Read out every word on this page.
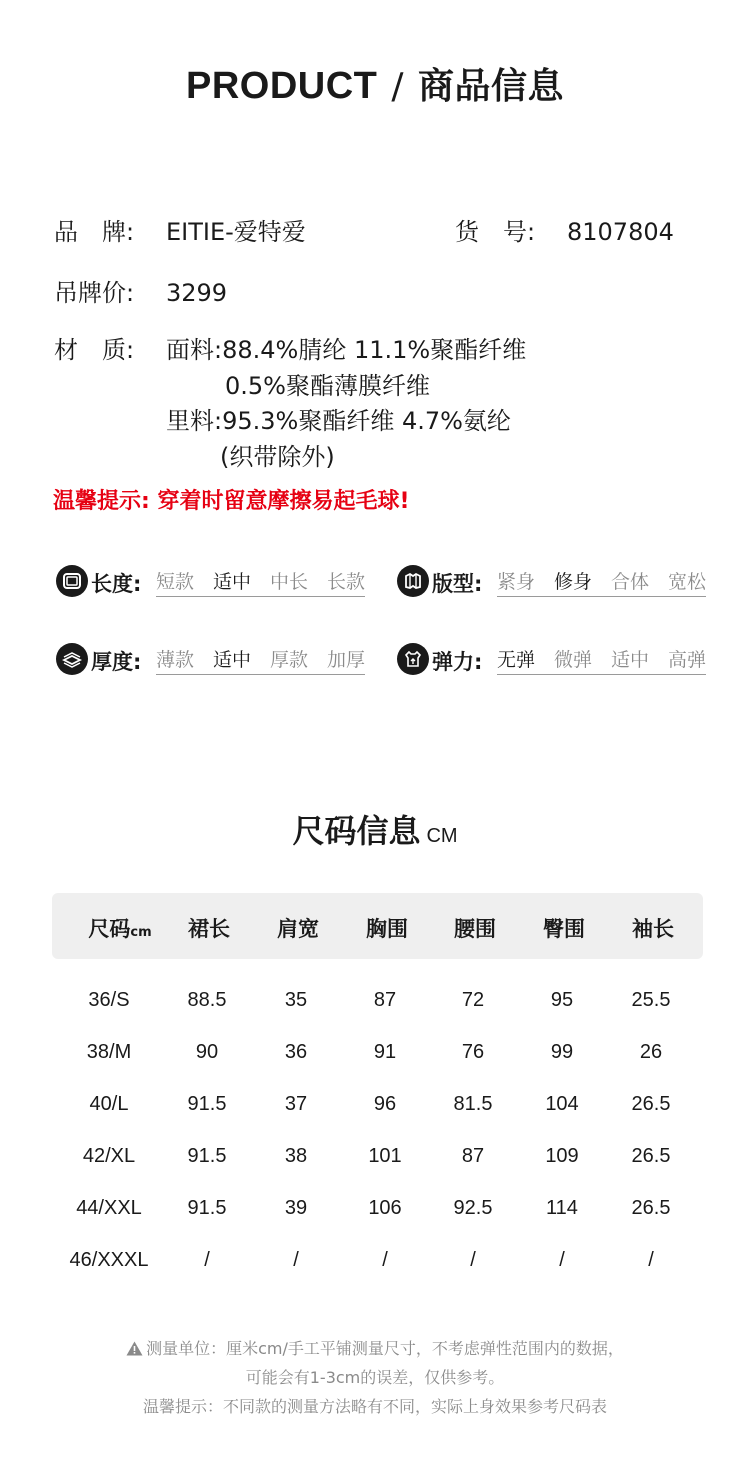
PRODUCT / 商品信息
品　牌: EITIE-爱特爱	货　号: 8107804
吊牌价: 3299
材　质: 面料:88.4%腈纶 11.1%聚酯纤维
0.5%聚酯薄膜纤维
里料:95.3%聚酯纤维 4.7%氨纶
(织带除外)
温馨提示: 穿着时留意摩擦易起毛球!
长度: 短款 适中 中长 长款	版型: 紧身 修身 合体 宽松
厚度: 薄款 适中 厚款 加厚	弹力: 无弹 微弹 适中 高弹
尺码信息 CM
尺码cm	裙长	肩宽	胸围	腰围	臀围	袖长
36/S	88.5	35	87	72	95	25.5
38/M	90	36	91	76	99	26
40/L	91.5	37	96	81.5	104	26.5
42/XL	91.5	38	101	87	109	26.5
44/XXL	91.5	39	106	92.5	114	26.5
46/XXXL	/	/	/	/	/	/
测量单位：厘米cm/手工平铺测量尺寸，不考虑弹性范围内的数据，
可能会有1-3cm的误差，仅供参考。
温馨提示：不同款的测量方法略有不同，实际上身效果参考尺码表
